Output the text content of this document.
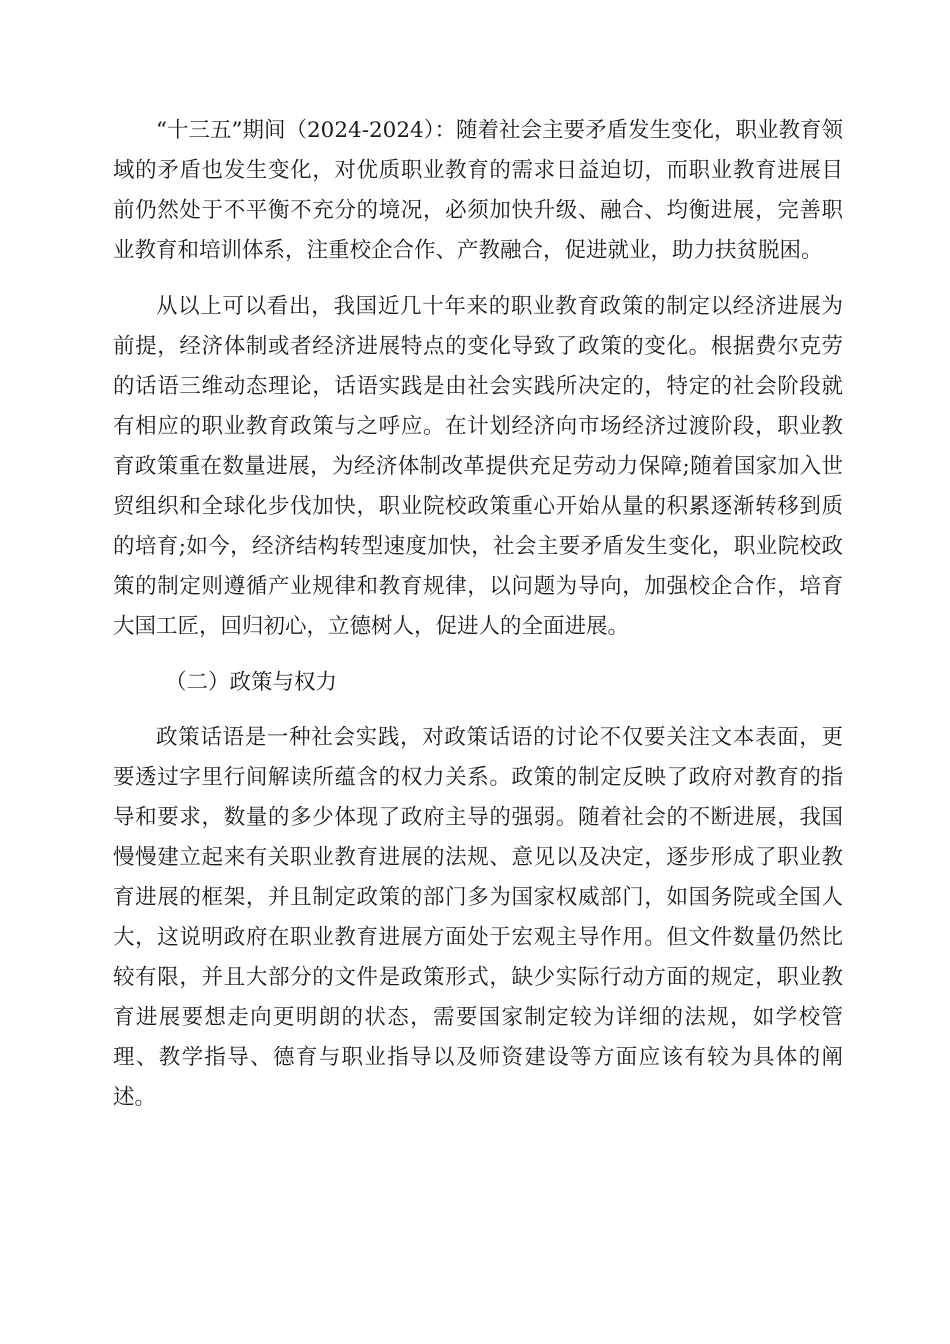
“十三五”期间（2024-2024）：随着社会主要矛盾发生变化，职业教育领域的矛盾也发生变化，对优质职业教育的需求日益迫切，而职业教育进展目前仍然处于不平衡不充分的境况，必须加快升级、融合、均衡进展，完善职业教育和培训体系，注重校企合作、产教融合，促进就业，助力扶贫脱困。

从以上可以看出，我国近几十年来的职业教育政策的制定以经济进展为前提，经济体制或者经济进展特点的变化导致了政策的变化。根据费尔克劳的话语三维动态理论，话语实践是由社会实践所决定的，特定的社会阶段就有相应的职业教育政策与之呼应。在计划经济向市场经济过渡阶段，职业教育政策重在数量进展，为经济体制改革提供充足劳动力保障;随着国家加入世贸组织和全球化步伐加快，职业院校政策重心开始从量的积累逐渐转移到质的培育;如今，经济结构转型速度加快，社会主要矛盾发生变化，职业院校政策的制定则遵循产业规律和教育规律，以问题为导向，加强校企合作，培育大国工匠，回归初心，立德树人，促进人的全面进展。

（二）政策与权力

政策话语是一种社会实践，对政策话语的讨论不仅要关注文本表面，更要透过字里行间解读所蕴含的权力关系。政策的制定反映了政府对教育的指导和要求，数量的多少体现了政府主导的强弱。随着社会的不断进展，我国慢慢建立起来有关职业教育进展的法规、意见以及决定，逐步形成了职业教育进展的框架，并且制定政策的部门多为国家权威部门，如国务院或全国人大，这说明政府在职业教育进展方面处于宏观主导作用。但文件数量仍然比较有限，并且大部分的文件是政策形式，缺少实际行动方面的规定，职业教育进展要想走向更明朗的状态，需要国家制定较为详细的法规，如学校管理、教学指导、德育与职业指导以及师资建设等方面应该有较为具体的阐述。
